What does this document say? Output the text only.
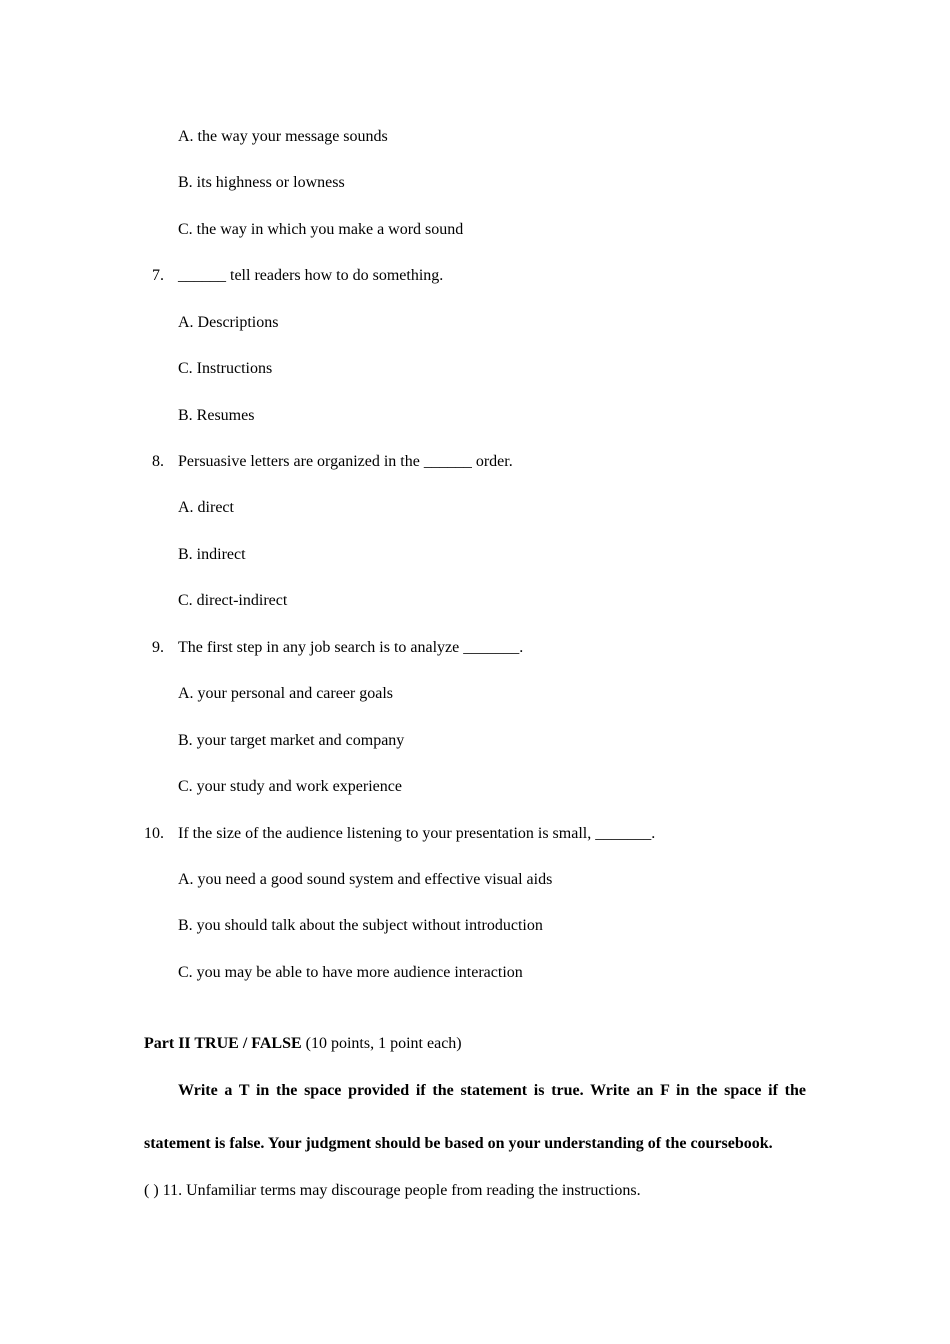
A. the way your message sounds
B. its highness or lowness
C. the way in which you make a word sound
7. ______ tell readers how to do something.
A. Descriptions
C. Instructions
B. Resumes
8. Persuasive letters are organized in the ______ order.
A. direct
B. indirect
C. direct-indirect
9. The first step in any job search is to analyze _______.
A. your personal and career goals
B. your target market and company
C. your study and work experience
10. If the size of the audience listening to your presentation is small, _______.
A. you need a good sound system and effective visual aids
B. you should talk about the subject without introduction
C. you may be able to have more audience interaction
Part II TRUE / FALSE (10 points, 1 point each)
Write a T in the space provided if the statement is true. Write an F in the space if the
statement is false. Your judgment should be based on your understanding of the coursebook.
( ) 11. Unfamiliar terms may discourage people from reading the instructions.
